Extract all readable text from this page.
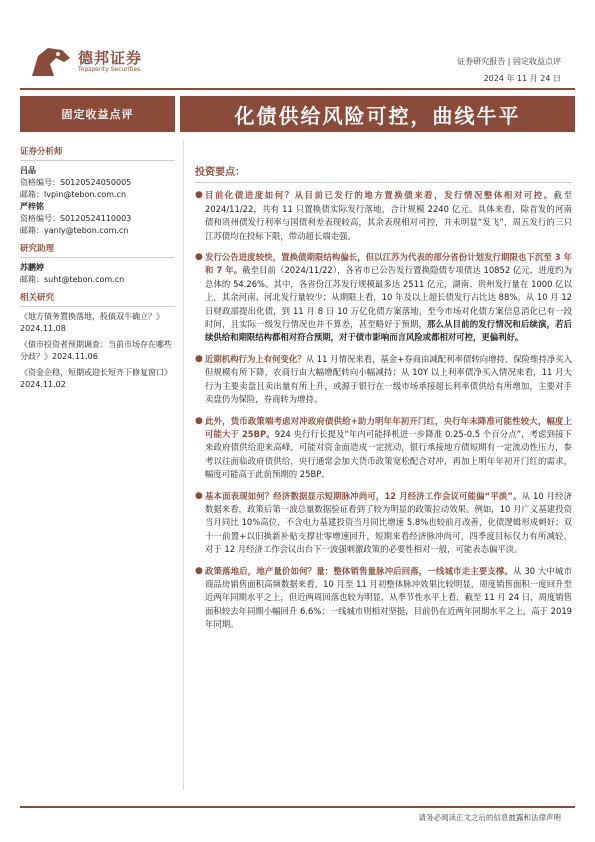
德邦证券
Topsperity Securities
证券研究报告 | 固定收益点评
2024 年 11 月 24 日
固定收益点评	化债供给风险可控，曲线牛平
证券分析师
吕品
资格编号：S0120524050005
邮箱：lvpin@tebon.com.cn
严梓铭
资格编号：S0120524110003
邮箱：yanly@tebon.com.cn
研究助理
苏鹏婷
邮箱：suht@tebon.com.cn
相关研究
《地方债务置换落地，股债双牛确立？》2024.11.08
《债市投资者预期调查：当前市场存在哪些分歧？》2024.11.06
《资金企稳，短期或迎长短齐下修复窗口》2024.11.02
投资要点：
● 目前化债进度如何？从目前已发行的地方置换债来看，发行情况整体相对可控。截至 2024/11/22，共有 11 只置换债实际发行落地，合计规模 2240 亿元。具体来看，除首发的河南债和贵州债发行利率与国债利差表现较高，其余表现相对可控，并未明显“发飞”，周五发行的三只江苏债均在投标下限，带动超长端走强。
● 发行公告进度较快，置换债期限结构偏长，但以江苏为代表的部分省份计划发行期限也下沉至 3 年和 7 年。截至目前（2024/11/22），各省市已公告发行置换隐债专项债达 10852 亿元，进度约为总体的 54.26%。其中，各省份江苏发行规模最多达 2511 亿元，湖南、贵州发行量在 1000 亿以上，其余河南、河北发行量较少；从期限上看，10 年及以上超长债发行占比达 88%。从 10 月 12 日财政部提出化债，到 11 月 8 日 10 万亿化债方案落地，至今市场对化债方案信息消化已有一段时间，且实际一级发行情况也并不算差，甚至略好于预期，那么从目前的发行情况和后续演，若后续供给和期限结构都相对符合预期，对于债市影响而言风险或都相对可控，更偏利好。
● 近期机构行为上有何变化？从 11 月情况来看，基金+券商由减配利率债转向增持，保险维持净买入但规模有所下降，农商行由大幅增配转向小幅减持；从 10Y 以上利率债净买入情况来看，11 月大行为主要卖盘且卖出量有所上升，或源于银行在一级市场承接超长利率债供给有所增加，主要对手卖盘仍为保险，券商转为增持。
● 此外，货币政策端考虑对冲政府债供给+助力明年年初开门红，央行年末降准可能性较大，幅度上可能大于 25BP。924 央行行长提及“年内可能择机进一步降准 0.25-0.5 个百分点”，考虑到接下来政府债供给迎来高峰，可能对资金面造成一定扰动，银行承接地方债短期有一定流动性压力，参考以往面临政府债供给，央行通常会加大货币政策宽松配合对冲，再加上明年年初开门红的需求，幅度可能高于此前预期的 25BP。
● 基本面表现如何？经济数据显示短期脉冲尚可，12 月经济工作会议可能偏“平淡”。从 10 月经济数据来看，政策后第一波总量数据验证看到了较为明显的政策拉动效果。例如，10 月广义基建投资当月同比 10%高位，不含电力基建投资当月同比增速 5.8%也较前月改善，化债逻辑形成刺好；双十一前置+以旧换新补贴支撑社零增速回升，短期来看经济脉冲尚可，四季度目标仅力有所减轻，对于 12 月经济工作会议出台下一波强刺激政策的必要性相对一般，可能表态偏平淡。
● 政策落地后，地产量价如何？量：整体销售量脉冲后回落，一线城市走主要支撑。从 30 大中城市商品房销售面积高频数据来看，10 月至 11 月初整体脉冲效果比较明显，周度销售面积一度回升至近两年同期水平之上，但近两周回落也较为明显，从季节性水平上看，截至 11 月 24 日，周度销售面积较去年同期小幅回升 6.6%；一线城市则相对坚挺，目前仍在近两年同期水平之上，高于 2019 年同期。
请务必阅读正文之后的信息披露和法律声明
